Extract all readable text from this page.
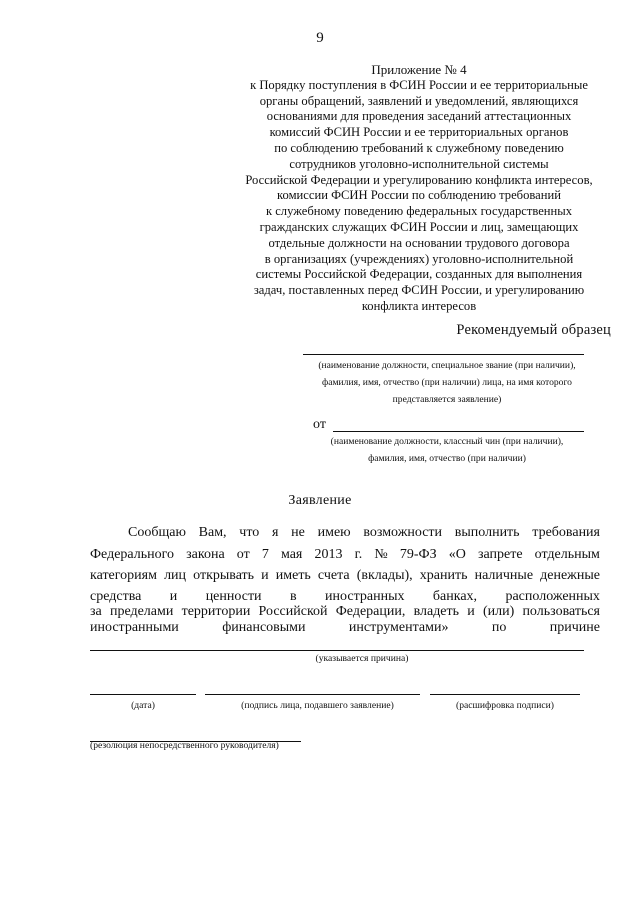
9
Приложение № 4
к Порядку поступления в ФСИН России и ее территориальные
органы обращений, заявлений и уведомлений, являющихся
основаниями для проведения заседаний аттестационных
комиссий ФСИН России и ее территориальных органов
по соблюдению требований к служебному поведению
сотрудников уголовно-исполнительной системы
Российской Федерации и урегулированию конфликта интересов,
комиссии ФСИН России по соблюдению требований
к служебному поведению федеральных государственных
гражданских служащих ФСИН России и лиц, замещающих
отдельные должности на основании трудового договора
в организациях (учреждениях) уголовно-исполнительной
системы Российской Федерации, созданных для выполнения
задач, поставленных перед ФСИН России, и урегулированию
конфликта интересов
Рекомендуемый образец
(наименование должности, специальное звание (при наличии),
фамилия, имя, отчество (при наличии) лица, на имя которого
представляется заявление)
от
(наименование должности, классный чин (при наличии),
фамилия, имя, отчество (при наличии)
Заявление
Сообщаю Вам, что я не имею возможности выполнить требования
Федерального закона от 7 мая 2013 г. № 79-ФЗ «О запрете отдельным
категориям лиц открывать и иметь счета (вклады), хранить наличные денежные
средства и ценности в иностранных банках, расположенных
за пределами территории Российской Федерации, владеть и (или) пользоваться
иностранными	финансовыми	инструментами»	по	причине
(указывается причина)
(дата)	(подпись лица, подавшего заявление)	(расшифровка подписи)
(резолюция непосредственного руководителя)
